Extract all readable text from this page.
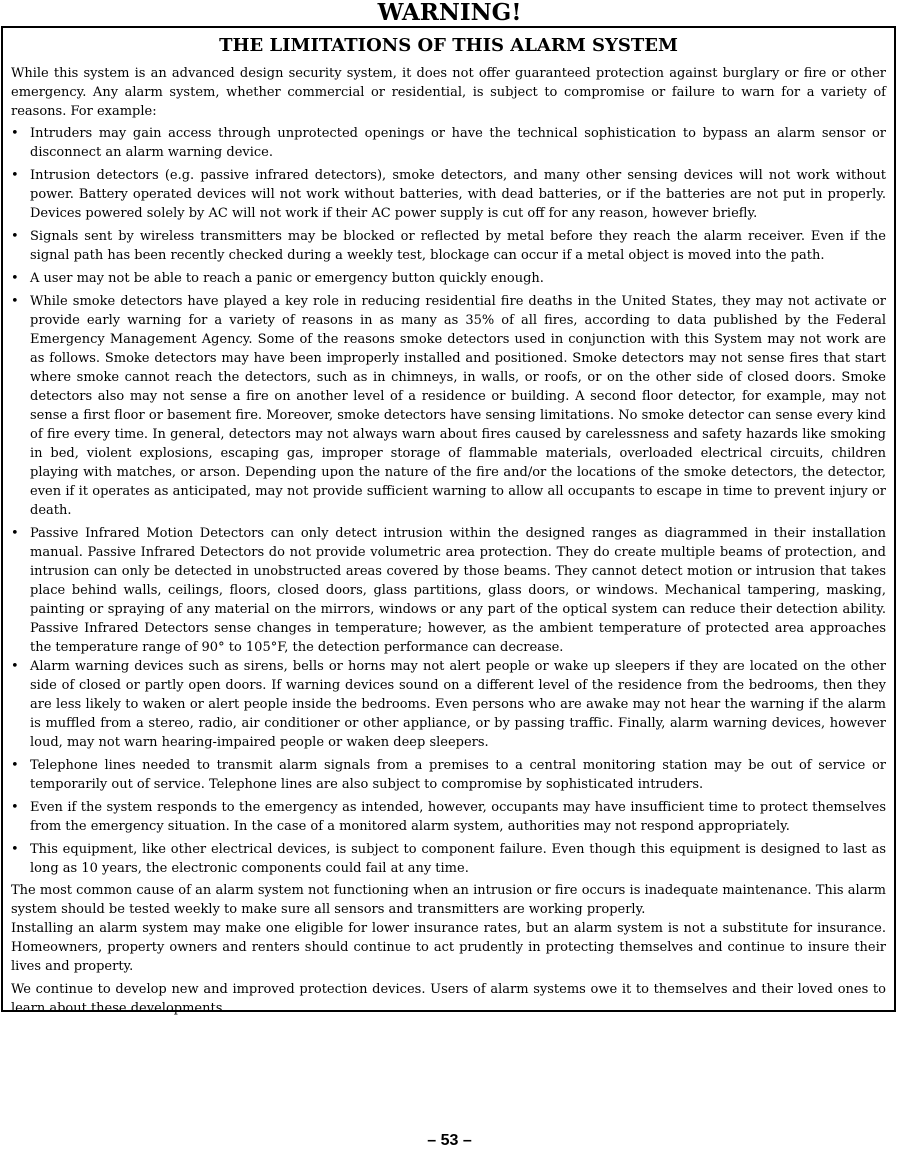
WARNING!
THE LIMITATIONS OF THIS ALARM SYSTEM

While this system is an advanced design security system, it does not offer guaranteed protection against burglary or fire or other emergency. Any alarm system, whether commercial or residential, is subject to compromise or failure to warn for a variety of reasons. For example:

• Intruders may gain access through unprotected openings or have the technical sophistication to bypass an alarm sensor or disconnect an alarm warning device.
• Intrusion detectors (e.g. passive infrared detectors), smoke detectors, and many other sensing devices will not work without power. Battery operated devices will not work without batteries, with dead batteries, or if the batteries are not put in properly. Devices powered solely by AC will not work if their AC power supply is cut off for any reason, however briefly.
• Signals sent by wireless transmitters may be blocked or reflected by metal before they reach the alarm receiver. Even if the signal path has been recently checked during a weekly test, blockage can occur if a metal object is moved into the path.
• A user may not be able to reach a panic or emergency button quickly enough.
• While smoke detectors have played a key role in reducing residential fire deaths in the United States, they may not activate or provide early warning for a variety of reasons in as many as 35% of all fires, according to data published by the Federal Emergency Management Agency. Some of the reasons smoke detectors used in conjunction with this System may not work are as follows. Smoke detectors may have been improperly installed and positioned. Smoke detectors may not sense fires that start where smoke cannot reach the detectors, such as in chimneys, in walls, or roofs, or on the other side of closed doors. Smoke detectors also may not sense a fire on another level of a residence or building. A second floor detector, for example, may not sense a first floor or basement fire. Moreover, smoke detectors have sensing limitations. No smoke detector can sense every kind of fire every time. In general, detectors may not always warn about fires caused by carelessness and safety hazards like smoking in bed, violent explosions, escaping gas, improper storage of flammable materials, overloaded electrical circuits, children playing with matches, or arson. Depending upon the nature of the fire and/or the locations of the smoke detectors, the detector, even if it operates as anticipated, may not provide sufficient warning to allow all occupants to escape in time to prevent injury or death.
• Passive Infrared Motion Detectors can only detect intrusion within the designed ranges as diagrammed in their installation manual. Passive Infrared Detectors do not provide volumetric area protection. They do create multiple beams of protection, and intrusion can only be detected in unobstructed areas covered by those beams. They cannot detect motion or intrusion that takes place behind walls, ceilings, floors, closed doors, glass partitions, glass doors, or windows. Mechanical tampering, masking, painting or spraying of any material on the mirrors, windows or any part of the optical system can reduce their detection ability. Passive Infrared Detectors sense changes in temperature; however, as the ambient temperature of protected area approaches the temperature range of 90° to 105°F, the detection performance can decrease.
• Alarm warning devices such as sirens, bells or horns may not alert people or wake up sleepers if they are located on the other side of closed or partly open doors. If warning devices sound on a different level of the residence from the bedrooms, then they are less likely to waken or alert people inside the bedrooms. Even persons who are awake may not hear the warning if the alarm is muffled from a stereo, radio, air conditioner or other appliance, or by passing traffic. Finally, alarm warning devices, however loud, may not warn hearing-impaired people or waken deep sleepers.
• Telephone lines needed to transmit alarm signals from a premises to a central monitoring station may be out of service or temporarily out of service. Telephone lines are also subject to compromise by sophisticated intruders.
• Even if the system responds to the emergency as intended, however, occupants may have insufficient time to protect themselves from the emergency situation. In the case of a monitored alarm system, authorities may not respond appropriately.
• This equipment, like other electrical devices, is subject to component failure. Even though this equipment is designed to last as long as 10 years, the electronic components could fail at any time.

The most common cause of an alarm system not functioning when an intrusion or fire occurs is inadequate maintenance. This alarm system should be tested weekly to make sure all sensors and transmitters are working properly.

Installing an alarm system may make one eligible for lower insurance rates, but an alarm system is not a substitute for insurance. Homeowners, property owners and renters should continue to act prudently in protecting themselves and continue to insure their lives and property.

We continue to develop new and improved protection devices. Users of alarm systems owe it to themselves and their loved ones to learn about these developments.

– 53 –
